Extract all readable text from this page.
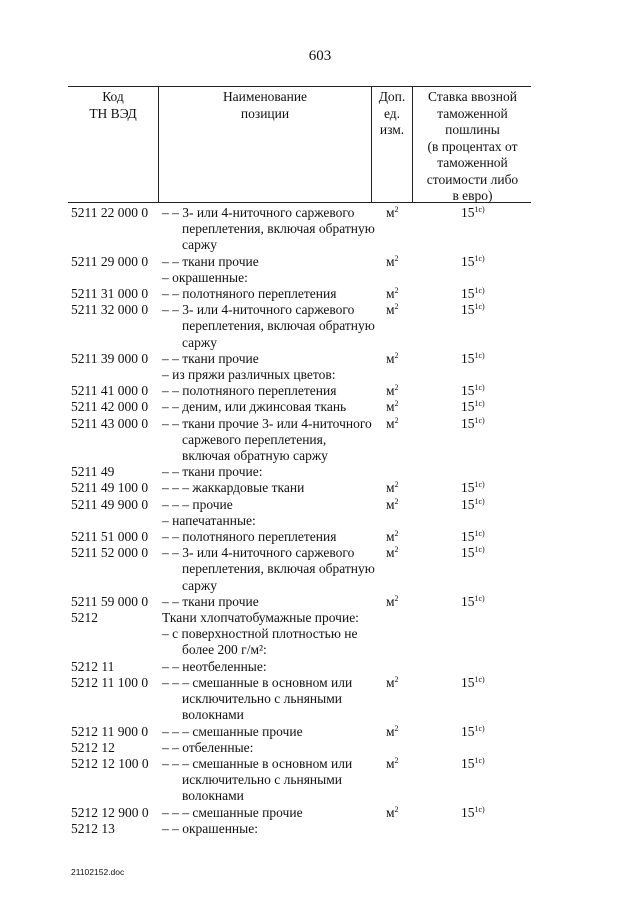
603
Код
ТН ВЭД
Наименование
позиции
Доп.
ед.
изм.
Ставка ввозной
таможенной
пошлины
(в процентах от
таможенной
стоимости либо
в евро)
5211 22 000 0 – – 3- или 4-ниточного саржевого
переплетения, включая обратную
саржу
$м^2$	$15^{1c)}$
5211 29 000 0 – – ткани прочие	$м^2$	$15^{1c)}$
– окрашенные:
5211 31 000 0 – – полотняного переплетения	$м^2$	$15^{1c)}$
5211 32 000 0 – – 3- или 4-ниточного саржевого
переплетения, включая обратную
саржу
$м^2$	$15^{1c)}$
5211 39 000 0 – – ткани прочие	$м^2$	$15^{1c)}$
– из пряжи различных цветов:
5211 41 000 0 – – полотняного переплетения	$м^2$	$15^{1c)}$
5211 42 000 0 – – деним, или джинсовая ткань	$м^2$	$15^{1c)}$
5211 43 000 0 – – ткани прочие 3- или 4-ниточного
саржевого переплетения,
включая обратную саржу
$м^2$	$15^{1c)}$
5211 49	– – ткани прочие:
5211 49 100 0 – – – жаккардовые ткани	$м^2$	$15^{1c)}$
5211 49 900 0 – – – прочие	$м^2$	$15^{1c)}$
– напечатанные:
5211 51 000 0 – – полотняного переплетения	$м^2$	$15^{1c)}$
5211 52 000 0 – – 3- или 4-ниточного саржевого
переплетения, включая обратную
саржу
$м^2$	$15^{1c)}$
5211 59 000 0 – – ткани прочие	$м^2$	$15^{1c)}$
5212	Ткани хлопчатобумажные прочие:
– с поверхностной плотностью не
более 200 г/м²:
5212 11	– – неотбеленные:
5212 11 100 0 – – – смешанные в основном или
исключительно с льняными
волокнами
$м^2$	$15^{1c)}$
5212 11 900 0 – – – смешанные прочие	$м^2$	$15^{1c)}$
5212 12	– – отбеленные:
5212 12 100 0 – – – смешанные в основном или
исключительно с льняными
волокнами
$м^2$	$15^{1c)}$
5212 12 900 0 – – – смешанные прочие	$м^2$	$15^{1c)}$
5212 13	– – окрашенные:
21102152.doc
